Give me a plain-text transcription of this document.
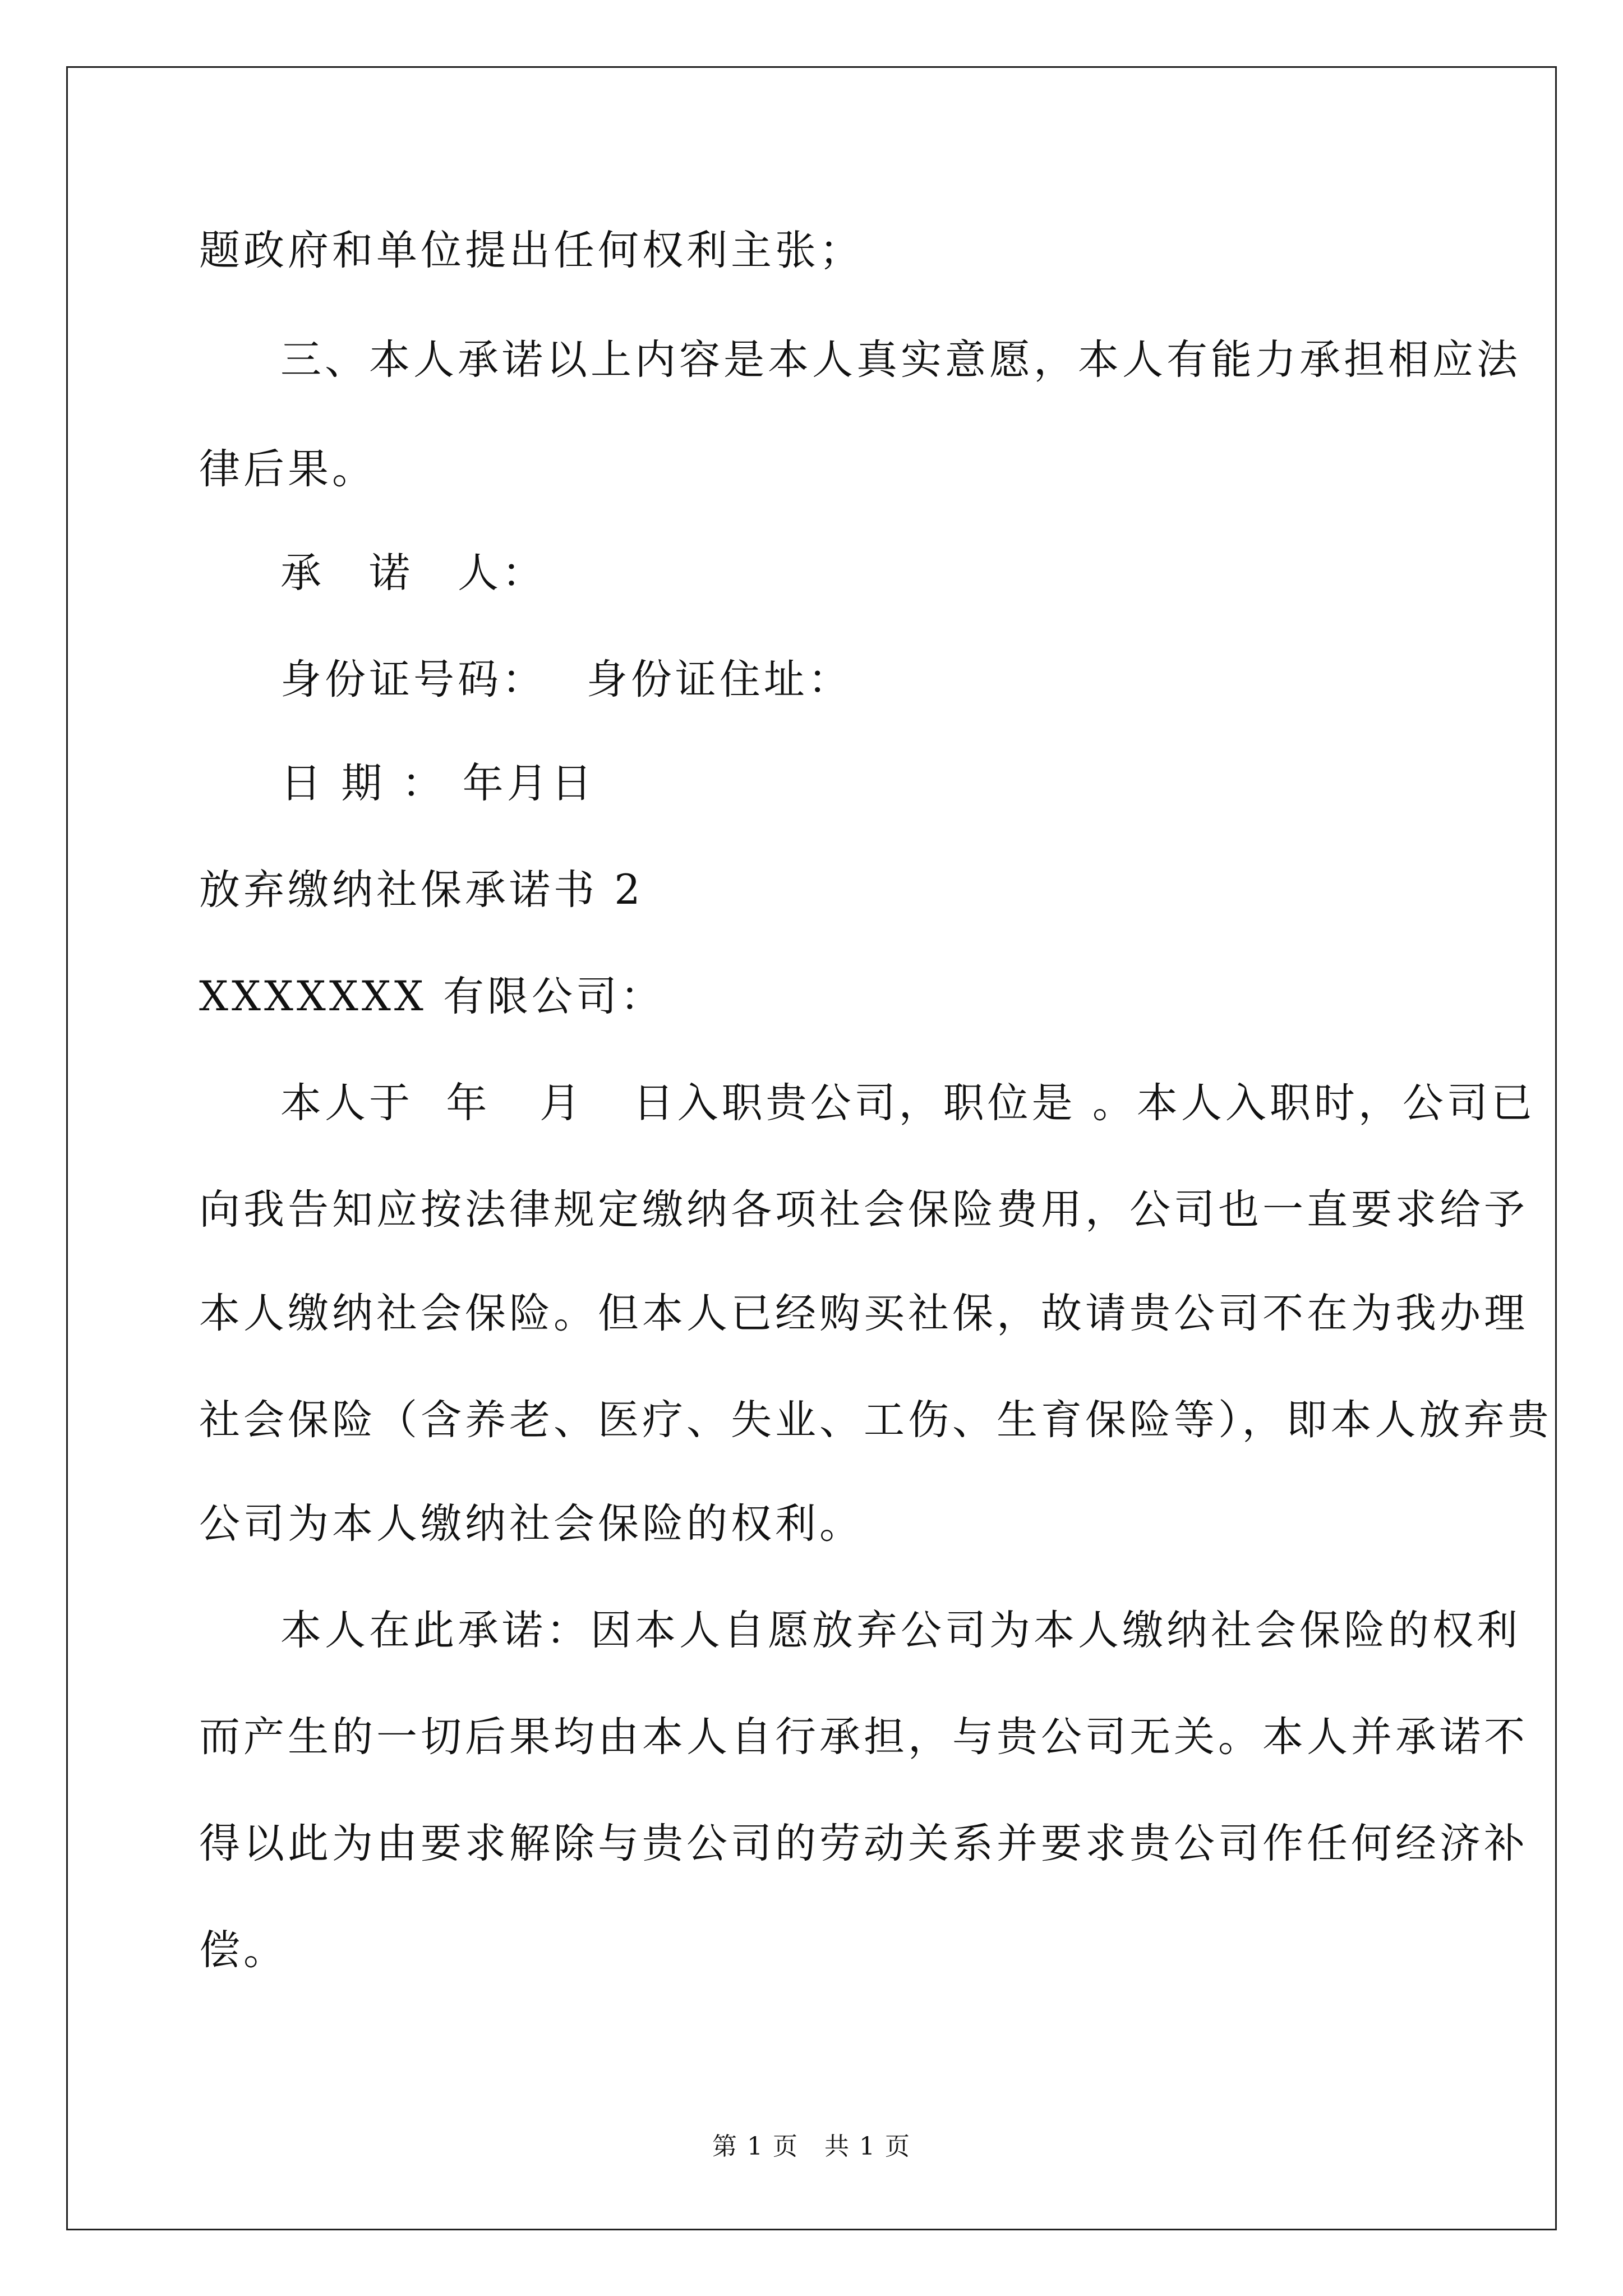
题政府和单位提出任何权利主张；
三、本人承诺以上内容是本人真实意愿，本人有能力承担相应法
律后果。
承　诺　人：
身份证号码：　 身份证住址：
日 期 ： 年月日
放弃缴纳社保承诺书 2
XXXXXXX 有限公司：
本人于  年   月   日入职贵公司，职位是 。本人入职时，公司已
向我告知应按法律规定缴纳各项社会保险费用，公司也一直要求给予
本人缴纳社会保险。但本人已经购买社保，故请贵公司不在为我办理
社会保险（含养老、医疗、失业、工伤、生育保险等），即本人放弃贵
公司为本人缴纳社会保险的权利。
本人在此承诺：因本人自愿放弃公司为本人缴纳社会保险的权利
而产生的一切后果均由本人自行承担，与贵公司无关。本人并承诺不
得以此为由要求解除与贵公司的劳动关系并要求贵公司作任何经济补
偿。
第 1 页　共 1 页
